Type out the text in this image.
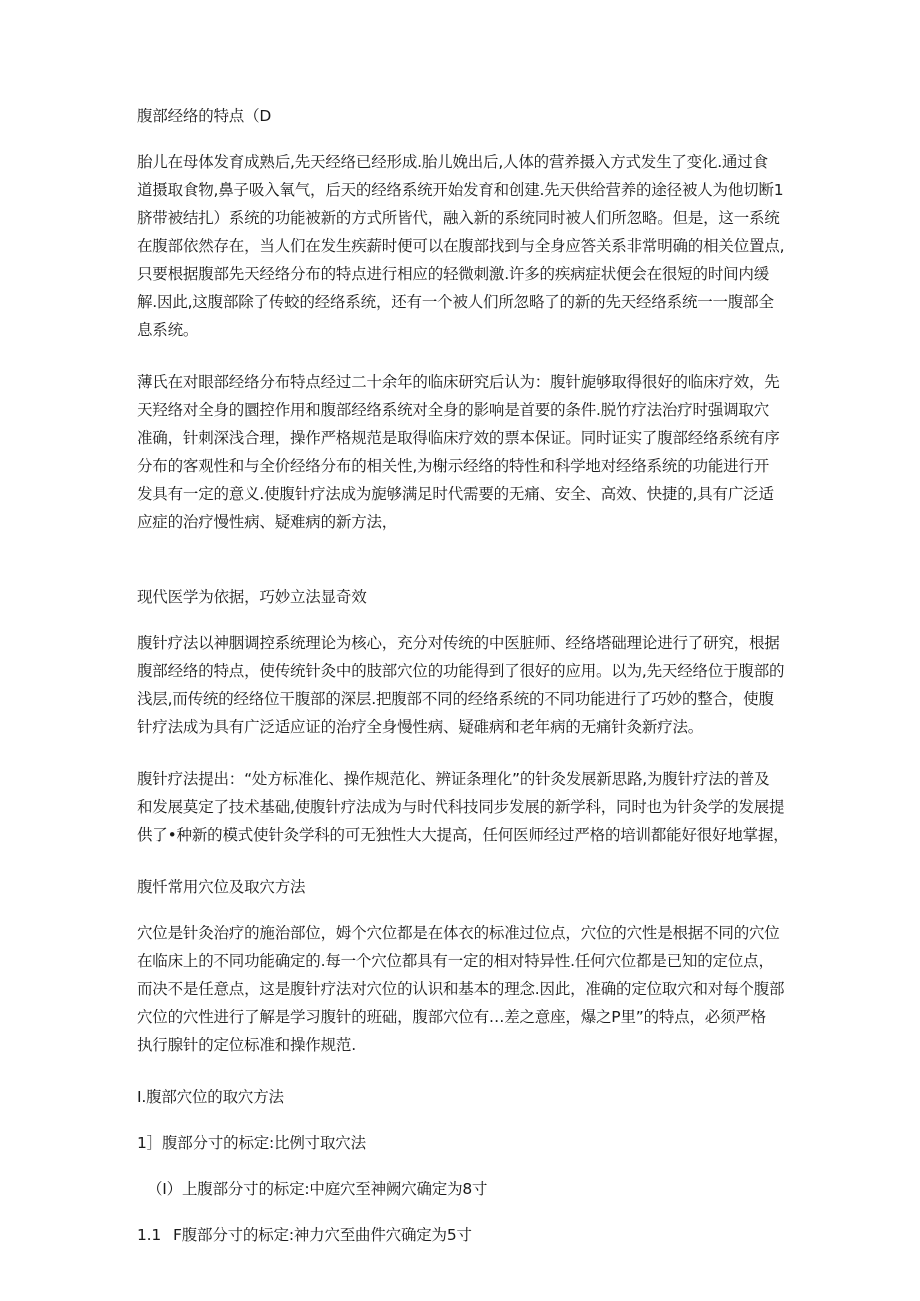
腹部经络的特点（D
胎儿在母体发育成熟后,先天经络已经形成.胎儿娩出后,人体的营养摄入方式发生了变化.通过食
道摄取食物,鼻子吸入氧气，后天的经络系统开始发育和创建.先天供给营养的途径被人为他切断1
脐带被结扎）系统的功能被新的方式所皆代，融入新的系统同时被人们所忽略。但是，这一系统
在腹部依然存在，当人们在发生疾薪时便可以在腹部找到与全身应答关系非常明确的相关位置点,
只要根据腹部先天经络分布的特点进行相应的轻微刺激.许多的疾病症状便会在很短的时间内缓
解.因此,这腹部除了传蛟的经络系统，还有一个被人们所忽略了的新的先天经络系统一一腹部全
息系统。
薄氏在对眼部经络分布特点经过二十余年的临床研究后认为：腹针旎够取得很好的临床疗效，先
天羟络对全身的圜控作用和腹部经络系统对全身的影响是首要的条件.脱竹疗法治疗时强调取穴
准确，针刺深浅合理，操作严格规范是取得临床疗效的票本保证。同时证实了腹部经络系统有序
分布的客观性和与全价经络分布的相关性,为榭示经络的特性和科学地对经络系统的功能进行开
发具有一定的意义.使腹针疗法成为旎够满足时代需要的无痛、安全、高效、快捷的,具有广泛适
应症的治疗慢性病、疑难病的新方法，
现代医学为依据，巧妙立法显奇效
腹针疗法以神胭调控系统理论为核心，充分对传统的中医脏师、经络塔础理论进行了研究，根据
腹部经络的特点，使传统针灸中的肢部穴位的功能得到了很好的应用。以为,先天经络位于腹部的
浅层,而传统的经络位干腹部的深层.把腹部不同的经络系统的不同功能进行了巧妙的整合，使腹
针疗法成为具有广泛适应证的治疗全身慢性病、疑碓病和老年病的无痛针灸新疗法。
腹针疗法提出：“处方标准化、操作规范化、辨证条理化”的针灸发展新思路,为腹针疗法的普及
和发展莫定了技术基础,使腹针疗法成为与时代科技同步发展的新学科，同时也为针灸学的发展提
供了•种新的模式使针灸学科的可无独性大大提高，任何医师经过严格的培训都能好很好地掌握，
腹忏常用穴位及取穴方法
穴位是针灸治疗的施治部位，姆个穴位都是在体衣的标准过位点，穴位的穴性是根据不同的穴位
在临床上的不同功能确定的.每一个穴位都具有一定的相对特异性.任何穴位都是已知的定位点，
而决不是任意点，这是腹针疗法对穴位的认识和基本的理念.因此，准确的定位取穴和对每个腹部
穴位的穴性进行了解是学习腹针的班础，腹部穴位有…差之意座，爆之P里”的特点，必须严格
执行腺针的定位标准和操作规范.
I.腹部穴位的取穴方法
1］腹部分寸的标定:比例寸取穴法
（I）上腹部分寸的标定:中庭穴至神阙穴确定为8寸
1.1 F腹部分寸的标定:神力穴至曲件穴确定为5寸
